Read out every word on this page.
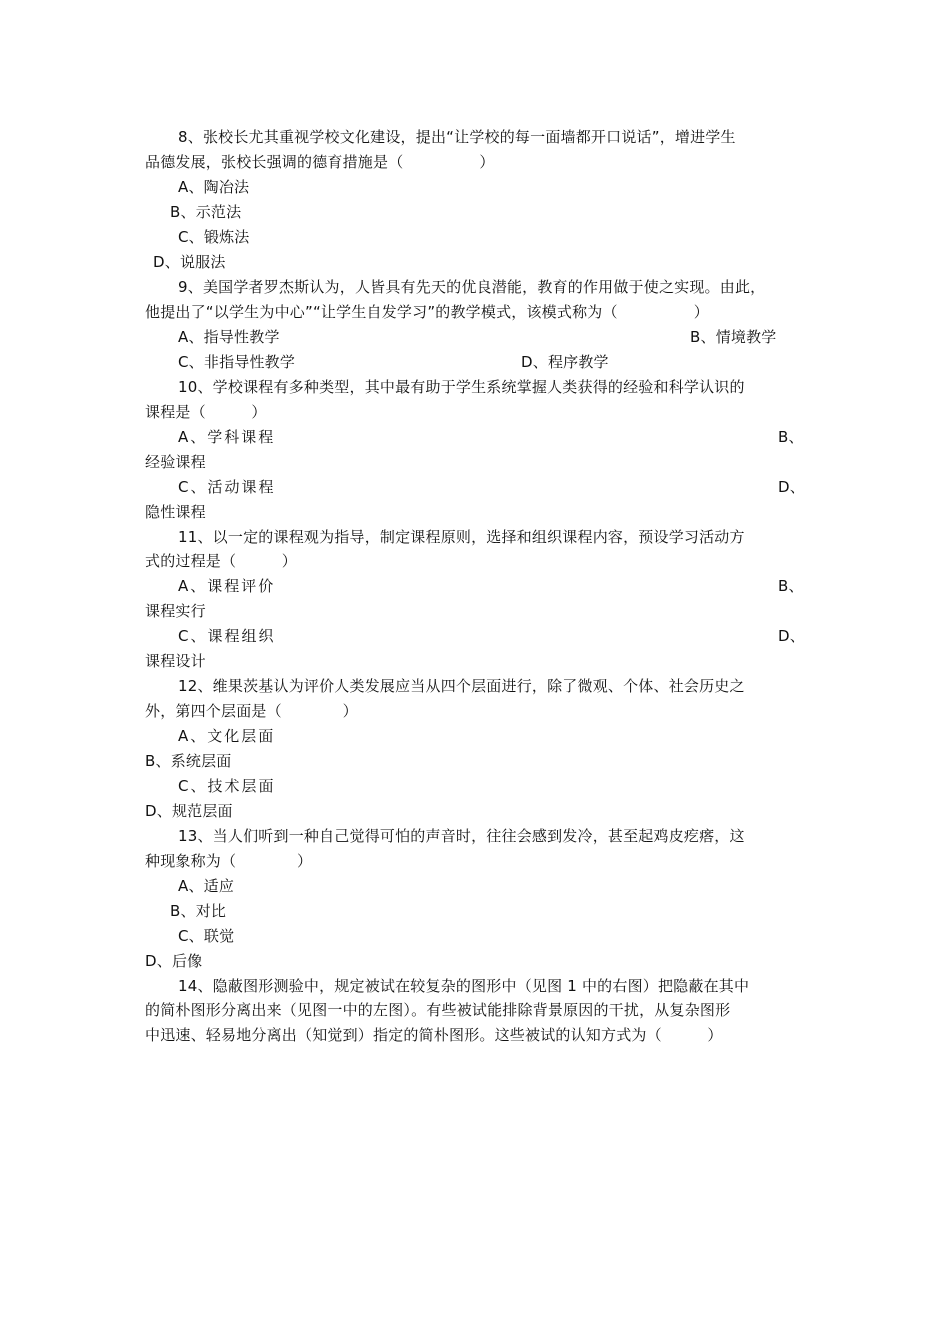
8、张校长尤其重视学校文化建设，提出“让学校的每一面墙都开口说话”，增进学生
品德发展，张校长强调的德育措施是（　　　　　）
A、陶冶法
B、示范法
C、锻炼法
D、说服法
9、美国学者罗杰斯认为，人皆具有先天的优良潜能，教育的作用做于使之实现。由此，
他提出了“以学生为中心”“让学生自发学习”的教学模式，该模式称为（　　　　　）
A、指导性教学	B、情境教学
C、非指导性教学	D、程序教学
10、学校课程有多种类型，其中最有助于学生系统掌握人类获得的经验和科学认识的
课程是（　　　）
A、学科课程	B、
经验课程
C、活动课程	D、
隐性课程
11、以一定的课程观为指导，制定课程原则，选择和组织课程内容，预设学习活动方
式的过程是（　　　）
A、课程评价	B、
课程实行
C、课程组织	D、
课程设计
12、维果茨基认为评价人类发展应当从四个层面进行，除了微观、个体、社会历史之
外，第四个层面是（　　　　）
A、文化层面
B、系统层面
C、技术层面
D、规范层面
13、当人们听到一种自己觉得可怕的声音时，往往会感到发冷，甚至起鸡皮疙瘩，这
种现象称为（　　　　）
A、适应
B、对比
C、联觉
D、后像
14、隐蔽图形测验中，规定被试在较复杂的图形中（见图 1 中的右图）把隐蔽在其中
的简朴图形分离出来（见图一中的左图）。有些被试能排除背景原因的干扰，从复杂图形
中迅速、轻易地分离出（知觉到）指定的简朴图形。这些被试的认知方式为（　　　）
